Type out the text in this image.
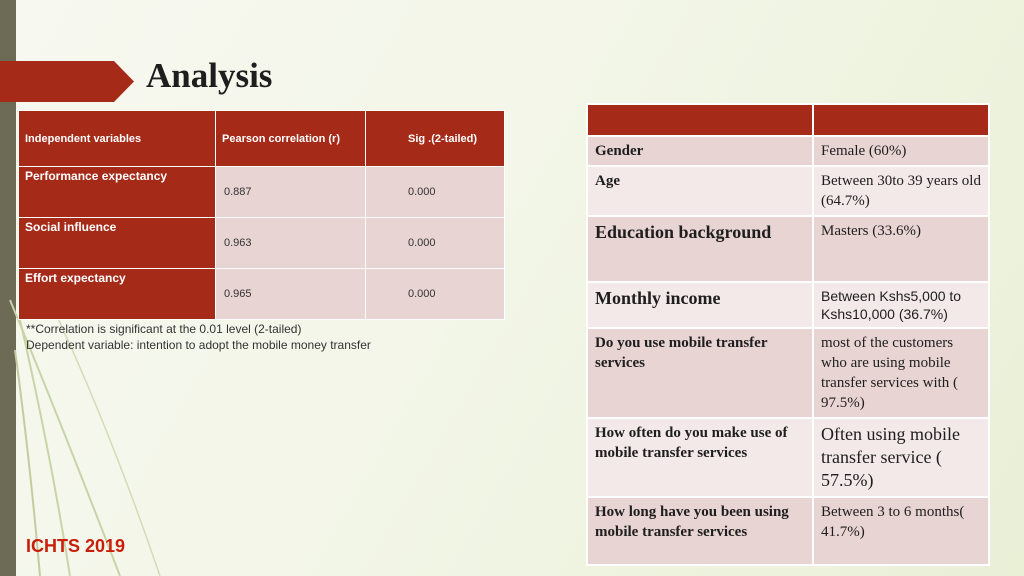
Analysis
Independent variables	Pearson correlation (r)	Sig .(2-tailed)
Performance expectancy	0.887	0.000
Social influence	0.963	0.000
Effort expectancy	0.965	0.000
**Correlation is significant at the 0.01 level (2-tailed)
Dependent variable: intention to adopt the mobile money transfer

Gender	Female (60%)
Age	Between 30to 39 years old (64.7%)
Education background	Masters (33.6%)
Monthly income	Between Kshs5,000 to Kshs10,000 (36.7%)
Do you use mobile transfer services	most of the customers who are using mobile transfer services with ( 97.5%)
How often do you make use of mobile transfer services	Often using mobile transfer service ( 57.5%)
How long have you been using mobile transfer services	Between 3 to 6 months( 41.7%)
ICHTS 2019
